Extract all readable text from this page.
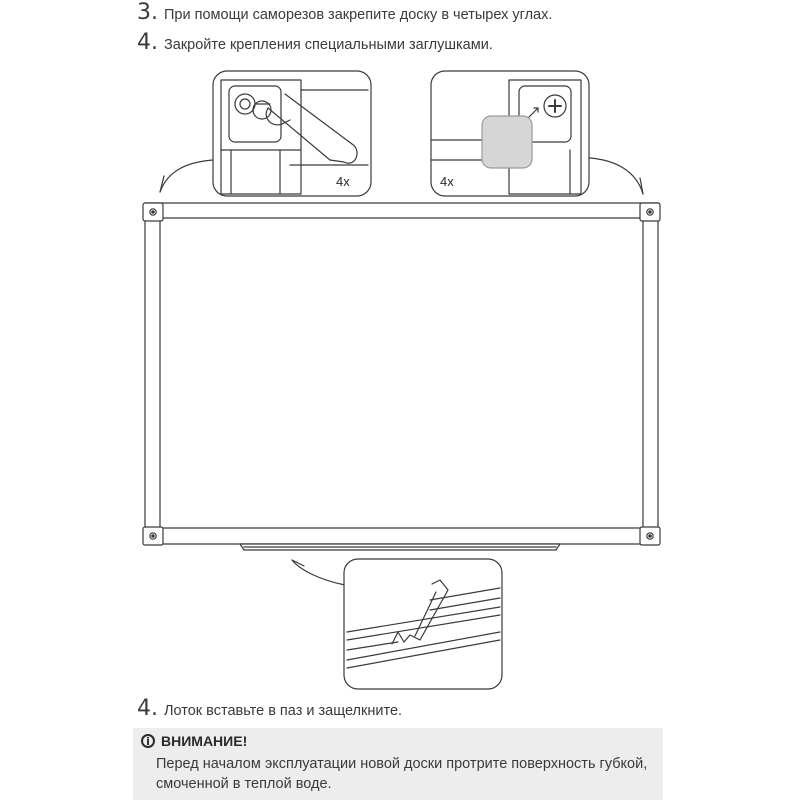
3. При помощи саморезов закрепите доску в четырех углах.
4. Закройте крепления специальными заглушками.
4x	4x
4. Лоток вставьте в паз и защелкните.
i ВНИМАНИЕ!
Перед началом эксплуатации новой доски протрите поверхность губкой, смоченной в теплой воде.
